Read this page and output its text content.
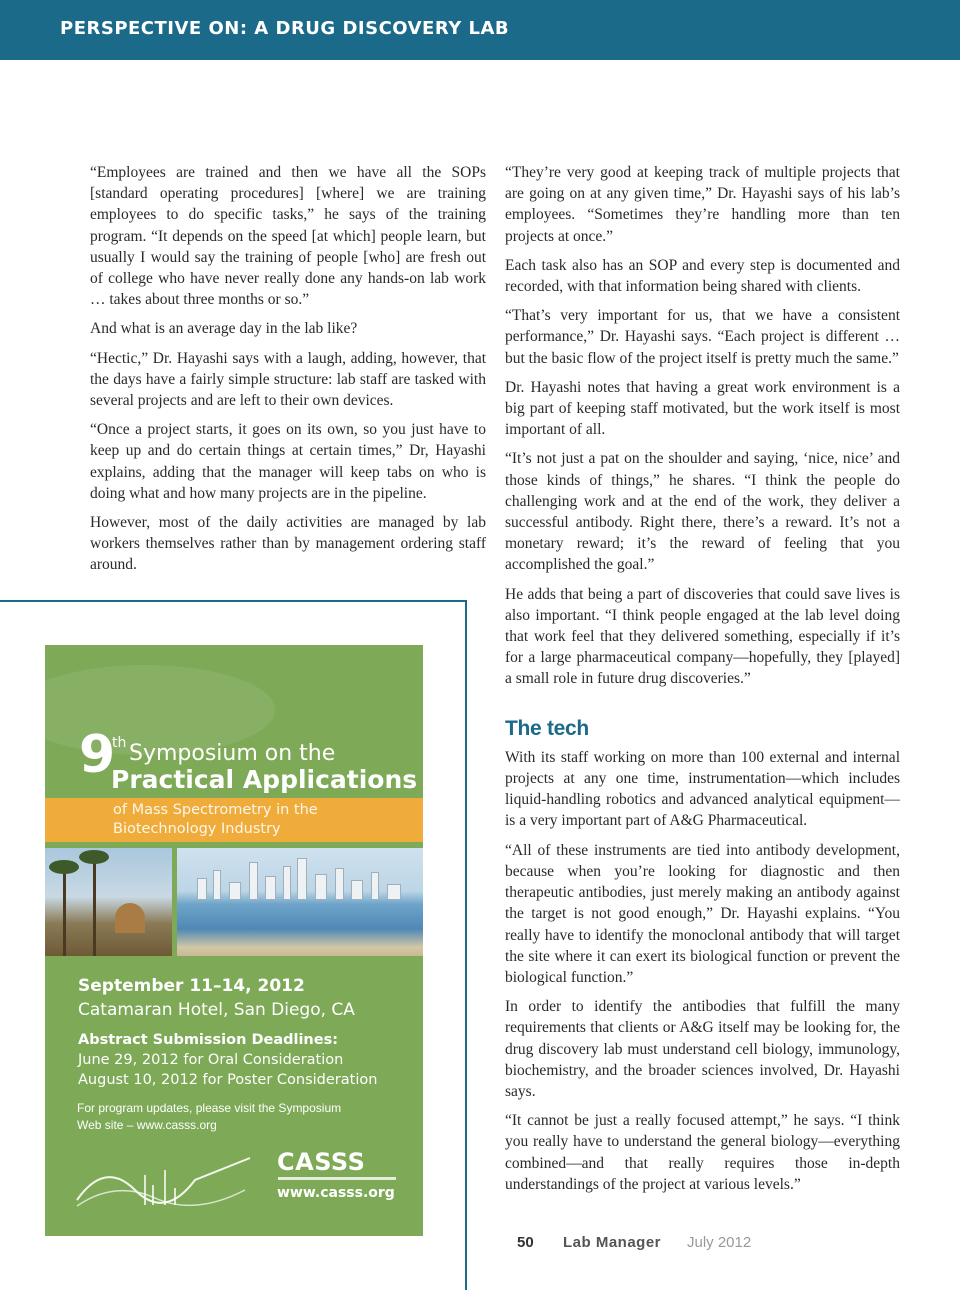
PERSPECTIVE ON: A DRUG DISCOVERY LAB

“Employees are trained and then we have all the SOPs [standard operating procedures] [where] we are training employees to do specific tasks,” he says of the training program. “It depends on the speed [at which] people learn, but usually I would say the training of people [who] are fresh out of college who have never really done any hands-on lab work … takes about three months or so.”

And what is an average day in the lab like?

“Hectic,” Dr. Hayashi says with a laugh, adding, however, that the days have a fairly simple structure: lab staff are tasked with several projects and are left to their own devices.

“Once a project starts, it goes on its own, so you just have to keep up and do certain things at certain times,” Dr, Hayashi explains, adding that the manager will keep tabs on who is doing what and how many projects are in the pipeline.

However, most of the daily activities are managed by lab workers themselves rather than by management ordering staff around.

“They’re very good at keeping track of multiple projects that are going on at any given time,” Dr. Hayashi says of his lab’s employees. “Sometimes they’re handling more than ten projects at once.”

Each task also has an SOP and every step is documented and recorded, with that information being shared with clients.

“That’s very important for us, that we have a consistent performance,” Dr. Hayashi says. “Each project is different … but the basic flow of the project itself is pretty much the same.”

Dr. Hayashi notes that having a great work environment is a big part of keeping staff motivated, but the work itself is most important of all.

“It’s not just a pat on the shoulder and saying, ‘nice, nice’ and those kinds of things,” he shares. “I think the people do challenging work and at the end of the work, they deliver a successful antibody. Right there, there’s a reward. It’s not a monetary reward; it’s the reward of feeling that you accomplished the goal.”

He adds that being a part of discoveries that could save lives is also important. “I think people engaged at the lab level doing that work feel that they delivered something, especially if it’s for a large pharmaceutical company—hopefully, they [played] a small role in future drug discoveries.”

The tech

With its staff working on more than 100 external and internal projects at any one time, instrumentation—which includes liquid-handling robotics and advanced analytical equipment—is a very important part of A&G Pharmaceutical.

“All of these instruments are tied into antibody development, because when you’re looking for diagnostic and then therapeutic antibodies, just merely making an antibody against the target is not good enough,” Dr. Hayashi explains. “You really have to identify the monoclonal antibody that will target the site where it can exert its biological function or prevent the biological function.”

In order to identify the antibodies that fulfill the many requirements that clients or A&G itself may be looking for, the drug discovery lab must understand cell biology, immunology, biochemistry, and the broader sciences involved, Dr. Hayashi says.

“It cannot be just a really focused attempt,” he says. “I think you really have to understand the general biology—everything combined—and that really requires those in-depth understandings of the project at various levels.”

9
th Symposium on the
Practical Applications
of Mass Spectrometry in the
Biotechnology Industry
September 11–14, 2012
Catamaran Hotel, San Diego, CA
Abstract Submission Deadlines:
June 29, 2012 for Oral Consideration
August 10, 2012 for Poster Consideration
For program updates, please visit the Symposium
Web site – www.casss.org
CASSS
www.casss.org
50 Lab Manager July 2012
